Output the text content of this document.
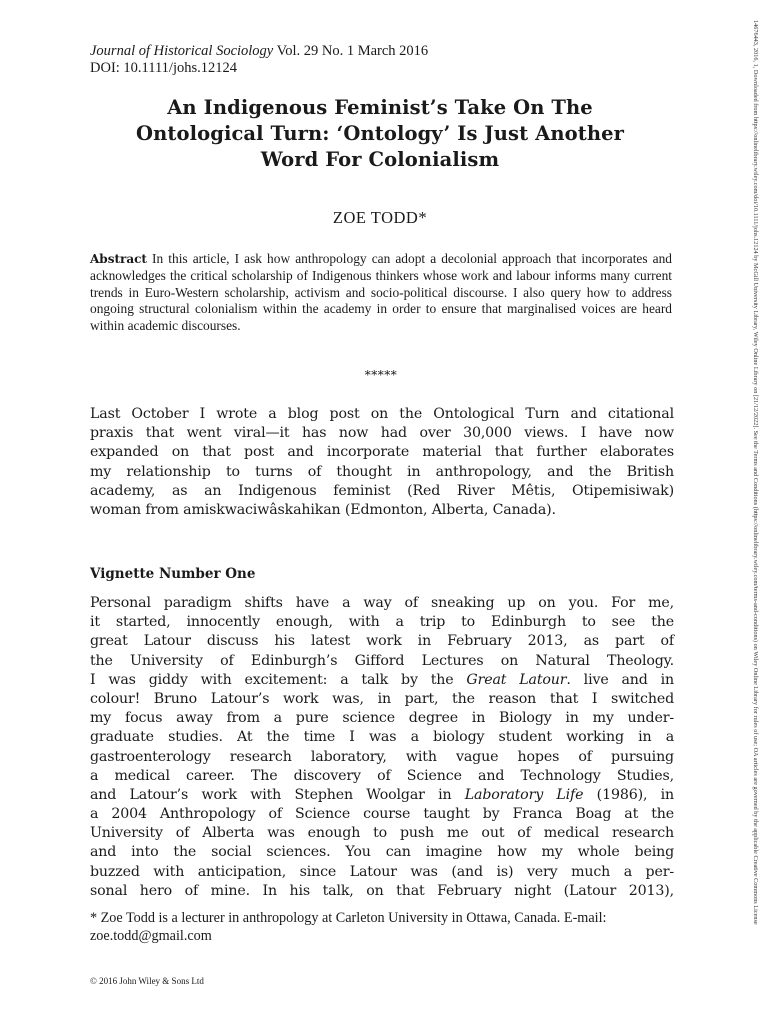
Journal of Historical Sociology Vol. 29 No. 1 March 2016
DOI: 10.1111/johs.12124
An Indigenous Feminist’s Take On The
Ontological Turn: ‘Ontology’ Is Just Another
Word For Colonialism
ZOE TODD*
Abstract In this article, I ask how anthropology can adopt a decolonial approach that incorporates and acknowledges the critical scholarship of Indigenous thinkers whose work and labour informs many current trends in Euro-Western scholarship, activism and socio-political discourse. I also query how to address ongoing structural colonialism within the academy in order to ensure that marginalised voices are heard within academic discourses.
*****
Last October I wrote a blog post on the Ontological Turn and citational
praxis that went viral—it has now had over 30,000 views. I have now
expanded on that post and incorporate material that further elaborates
my relationship to turns of thought in anthropology, and the British
academy, as an Indigenous feminist (Red River Mêtis, Otipemisiwak)
woman from amiskwaciwâskahikan (Edmonton, Alberta, Canada).
Vignette Number One
Personal paradigm shifts have a way of sneaking up on you. For me,
it started, innocently enough, with a trip to Edinburgh to see the
great Latour discuss his latest work in February 2013, as part of
the University of Edinburgh’s Gifford Lectures on Natural Theology.
I was giddy with excitement: a talk by the Great Latour. live and in
colour! Bruno Latour’s work was, in part, the reason that I switched
my focus away from a pure science degree in Biology in my under-
graduate studies. At the time I was a biology student working in a
gastroenterology research laboratory, with vague hopes of pursuing
a medical career. The discovery of Science and Technology Studies,
and Latour’s work with Stephen Woolgar in Laboratory Life (1986), in
a 2004 Anthropology of Science course taught by Franca Boag at the
University of Alberta was enough to push me out of medical research
and into the social sciences. You can imagine how my whole being
buzzed with anticipation, since Latour was (and is) very much a per-
sonal hero of mine. In his talk, on that February night (Latour 2013),
* Zoe Todd is a lecturer in anthropology at Carleton University in Ottawa, Canada. E-mail: zoe.todd@gmail.com
© 2016 John Wiley & Sons Ltd
14676443, 2016, 1, Downloaded from https://onlinelibrary.wiley.com/doi/10.1111/johs.12124 by McGill University Library, Wiley Online Library on [21/12/2022]. See the Terms and Conditions (https://onlinelibrary.wiley.com/terms-and-conditions) on Wiley Online Library for rules of use; OA articles are governed by the applicable Creative Commons License
